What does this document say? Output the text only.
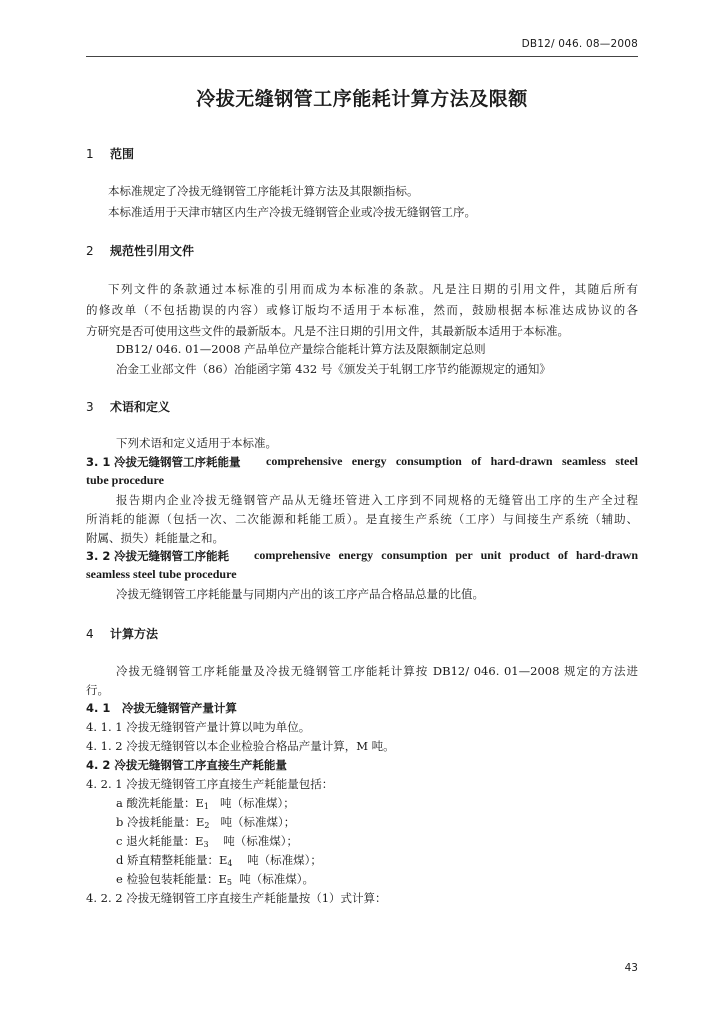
DB12/ 046. 08—2008
冷拔无缝钢管工序能耗计算方法及限额
1 范围
本标准规定了冷拔无缝钢管工序能耗计算方法及其限额指标。
本标准适用于天津市辖区内生产冷拔无缝钢管企业或冷拔无缝钢管工序。
2 规范性引用文件
下列文件的条款通过本标准的引用而成为本标准的条款。凡是注日期的引用文件，其随后所有
的修改单（不包括勘误的内容）或修订版均不适用于本标准，然而，鼓励根据本标准达成协议的各
方研究是否可使用这些文件的最新版本。凡是不注日期的引用文件，其最新版本适用于本标准。
DB12/ 046. 01—2008 产品单位产量综合能耗计算方法及限额制定总则
冶金工业部文件（86）冶能函字第 432 号《颁发关于轧钢工序节约能源规定的通知》
3 术语和定义
下列术语和定义适用于本标准。
3. 1 冷拔无缝钢管工序耗能量 comprehensive energy consumption of hard-drawn seamless steel
tube procedure
报告期内企业冷拔无缝钢管产品从无缝坯管进入工序到不同规格的无缝管出工序的生产全过程
所消耗的能源（包括一次、二次能源和耗能工质）。是直接生产系统（工序）与间接生产系统（辅助、
附属、损失）耗能量之和。
3. 2 冷拔无缝钢管工序能耗 comprehensive energy consumption per unit product of hard-drawn
seamless steel tube procedure
冷拔无缝钢管工序耗能量与同期内产出的该工序产品合格品总量的比值。
4 计算方法
冷拔无缝钢管工序耗能量及冷拔无缝钢管工序能耗计算按 DB12/ 046. 01—2008 规定的方法进
行。
4. 1　冷拔无缝钢管产量计算
4. 1. 1 冷拔无缝钢管产量计算以吨为单位。
4. 1. 2 冷拔无缝钢管以本企业检验合格品产量计算，M 吨。
4. 2 冷拔无缝钢管工序直接生产耗能量
4. 2. 1 冷拔无缝钢管工序直接生产耗能量包括：
a 酸洗耗能量：$E_1$ 吨（标准煤）；
b 冷拔耗能量：$E_2$ 吨（标准煤）；
c 退火耗能量：$E_3$ 吨（标准煤）；
d 矫直精整耗能量：$E_4$ 吨（标准煤）；
e 检验包装耗能量：$E_5$ 吨（标准煤）。
4. 2. 2 冷拔无缝钢管工序直接生产耗能量按（1）式计算：
43
